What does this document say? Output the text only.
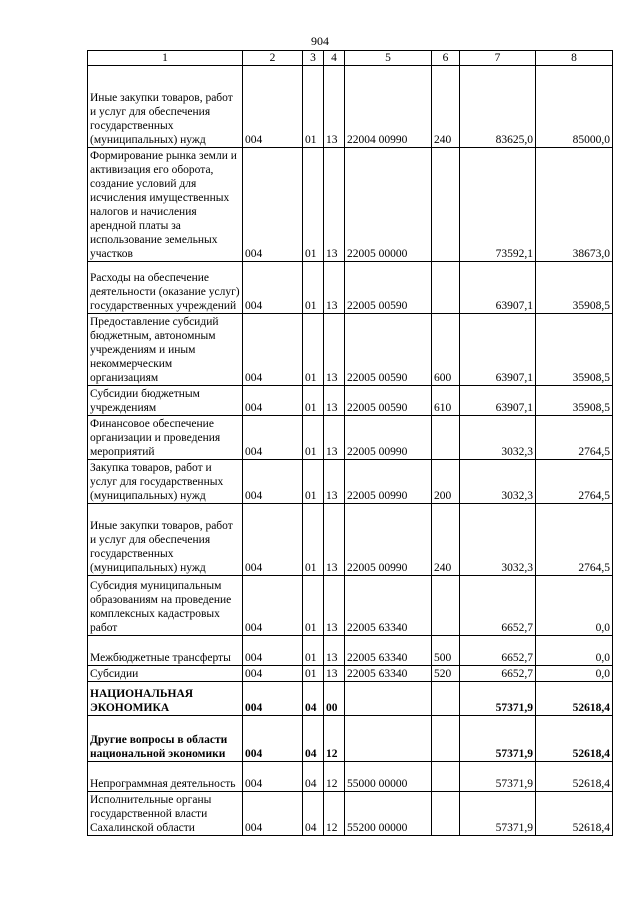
904
1	2	3	4	5	6	7	8
Иные закупки товаров, работ и услуг для обеспечения государственных (муниципальных) нужд	004	01	13	22004 00990	240	83625,0	85000,0
Формирование рынка земли и активизация его оборота, создание условий для исчисления имущественных налогов и начисления арендной платы за использование земельных участков	004	01	13	22005 00000		73592,1	38673,0
Расходы на обеспечение деятельности (оказание услуг) государственных учреждений	004	01	13	22005 00590		63907,1	35908,5
Предоставление субсидий бюджетным, автономным учреждениям и иным некоммерческим организациям	004	01	13	22005 00590	600	63907,1	35908,5
Субсидии бюджетным учреждениям	004	01	13	22005 00590	610	63907,1	35908,5
Финансовое обеспечение организации и проведения мероприятий	004	01	13	22005 00990		3032,3	2764,5
Закупка товаров, работ и услуг для государственных (муниципальных) нужд	004	01	13	22005 00990	200	3032,3	2764,5
Иные закупки товаров, работ и услуг для обеспечения государственных (муниципальных) нужд	004	01	13	22005 00990	240	3032,3	2764,5
Субсидия муниципальным образованиям на проведение комплексных кадастровых работ	004	01	13	22005 63340		6652,7	0,0
Межбюджетные трансферты	004	01	13	22005 63340	500	6652,7	0,0
Субсидии	004	01	13	22005 63340	520	6652,7	0,0
НАЦИОНАЛЬНАЯ ЭКОНОМИКА	004	04	00			57371,9	52618,4
Другие вопросы в области национальной экономики	004	04	12			57371,9	52618,4
Непрограммная деятельность	004	04	12	55000 00000		57371,9	52618,4
Исполнительные органы государственной власти Сахалинской области	004	04	12	55200 00000		57371,9	52618,4
